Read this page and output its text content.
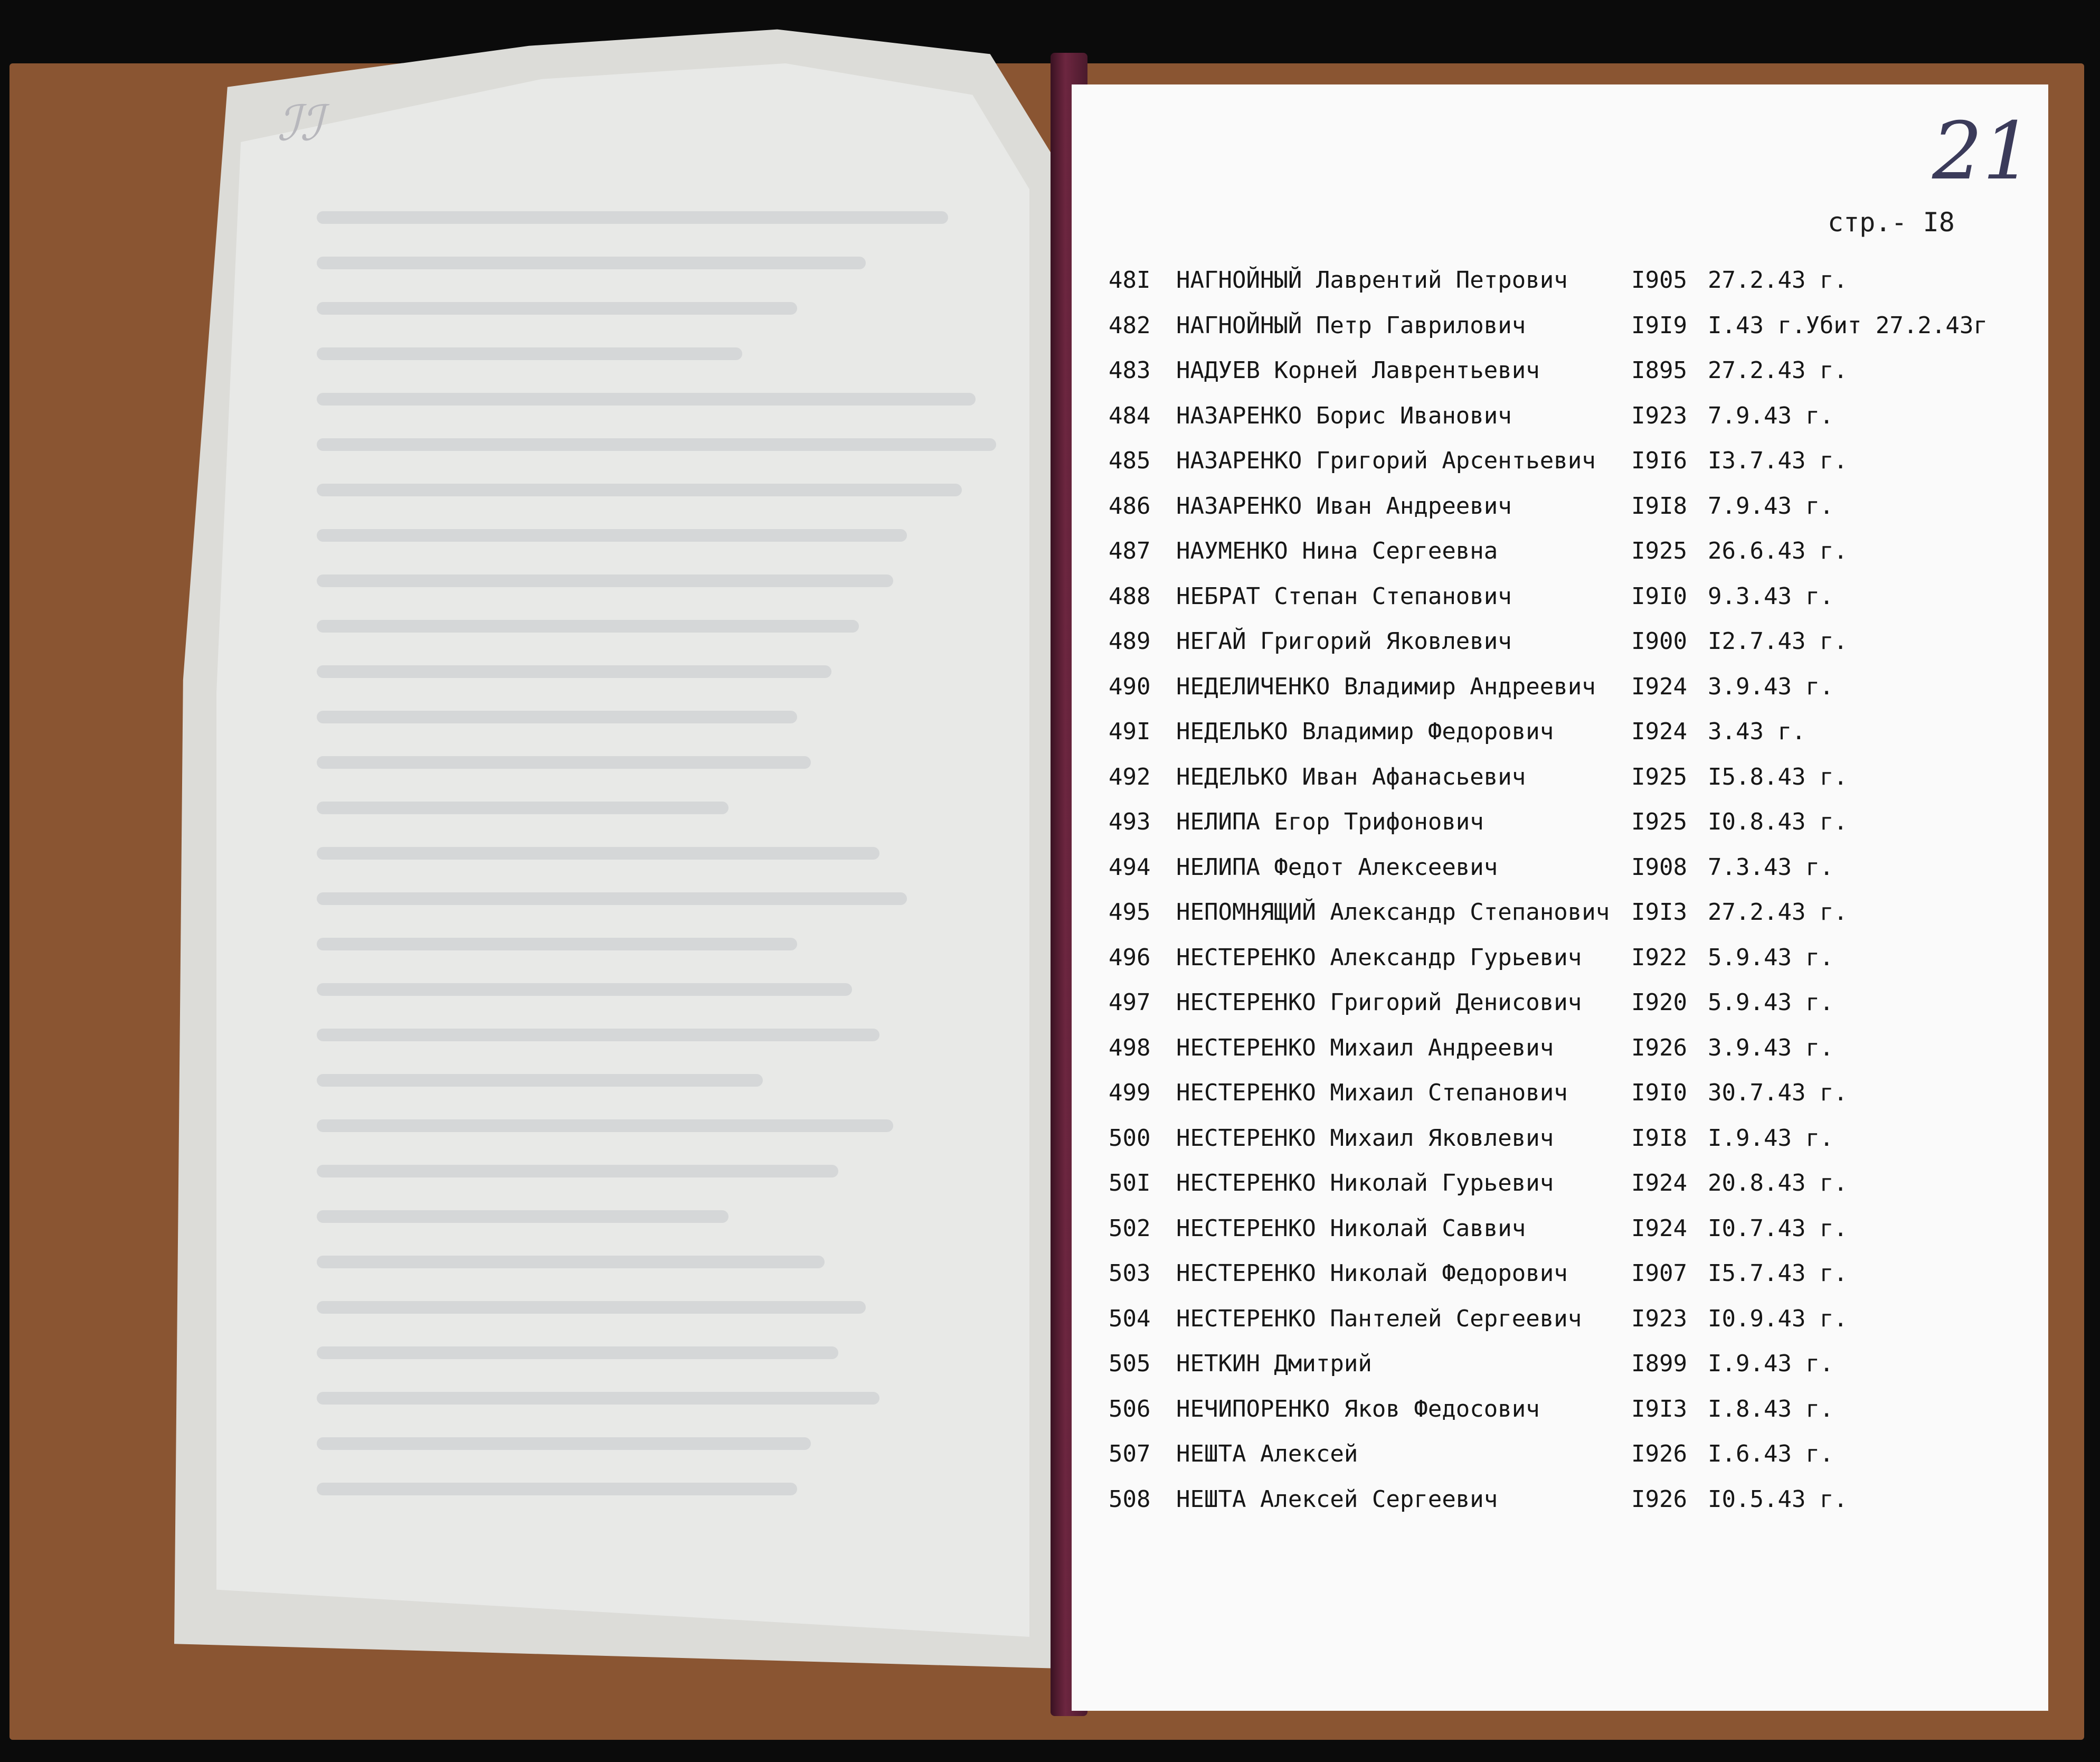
ℐℐ	21
стр.- I8
48I НАГНОЙНЫЙ Лаврентий Петрович	I905 27.2.43 г.
482 НАГНОЙНЫЙ Петр Гаврилович	I9I9 I.43 г.Убит 27.2.43г
483 НАДУЕВ Корней Лаврентьевич	I895 27.2.43 г.
484 НАЗАРЕНКО Борис Иванович	I923 7.9.43 г.
485 НАЗАРЕНКО Григорий Арсентьевич I9I6 I3.7.43 г.
486 НАЗАРЕНКО Иван Андреевич	I9I8 7.9.43 г.
487 НАУМЕНКО Нина Сергеевна	I925 26.6.43 г.
488 НЕБРАТ Степан Степанович	I9I0 9.3.43 г.
489 НЕГАЙ Григорий Яковлевич	I900 I2.7.43 г.
490 НЕДЕЛИЧЕНКО Владимир Андреевич I924 3.9.43 г.
49I НЕДЕЛЬКО Владимир Федорович	I924 3.43 г.
492 НЕДЕЛЬКО Иван Афанасьевич	I925 I5.8.43 г.
493 НЕЛИПА Егор Трифонович	I925 I0.8.43 г.
494 НЕЛИПА Федот Алексеевич	I908 7.3.43 г.
495 НЕПОМНЯЩИЙ Александр Степанович I9I3 27.2.43 г.
496 НЕСТЕРЕНКО Александр Гурьевич I922 5.9.43 г.
497 НЕСТЕРЕНКО Григорий Денисович I920 5.9.43 г.
498 НЕСТЕРЕНКО Михаил Андреевич	I926 3.9.43 г.
499 НЕСТЕРЕНКО Михаил Степанович	I9I0 30.7.43 г.
500 НЕСТЕРЕНКО Михаил Яковлевич	I9I8 I.9.43 г.
50I НЕСТЕРЕНКО Николай Гурьевич	I924 20.8.43 г.
502 НЕСТЕРЕНКО Николай Саввич	I924 I0.7.43 г.
503 НЕСТЕРЕНКО Николай Федорович	I907 I5.7.43 г.
504 НЕСТЕРЕНКО Пантелей Сергеевич I923 I0.9.43 г.
505 НЕТКИН Дмитрий	I899 I.9.43 г.
506 НЕЧИПОРЕНКО Яков Федосович	I9I3 I.8.43 г.
507 НЕШТА Алексей	I926 I.6.43 г.
508 НЕШТА Алексей Сергеевич	I926 I0.5.43 г.
